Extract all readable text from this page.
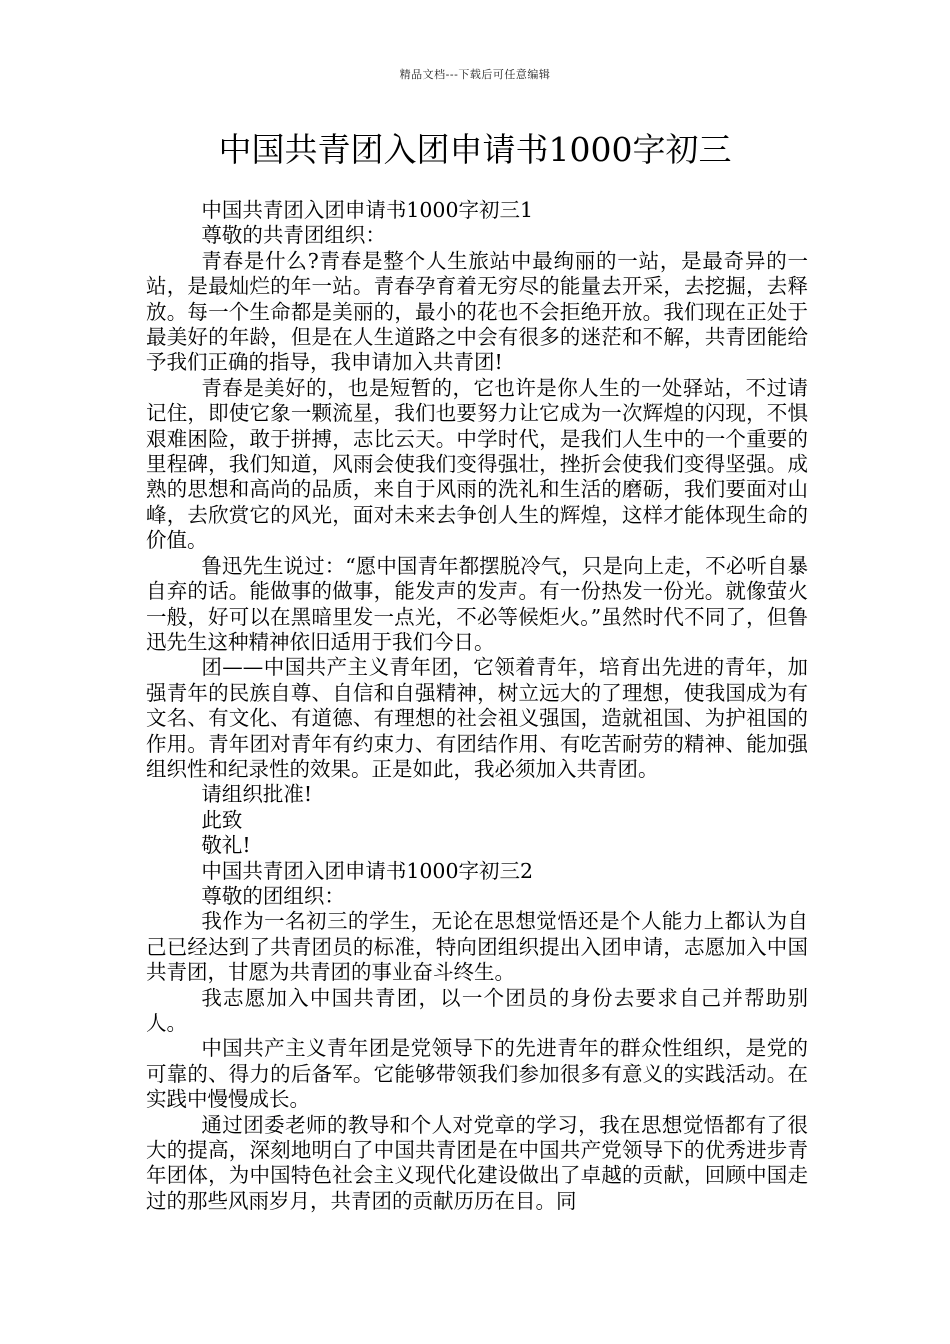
精品文档---下载后可任意编辑
中国共青团入团申请书1000字初三

中国共青团入团申请书1000字初三1

尊敬的共青团组织：

青春是什么?青春是整个人生旅站中最绚丽的一站，是最奇异的一站，是最灿烂的年一站。青春孕育着无穷尽的能量去开采，去挖掘，去释放。每一个生命都是美丽的，最小的花也不会拒绝开放。我们现在正处于最美好的年龄，但是在人生道路之中会有很多的迷茫和不解，共青团能给予我们正确的指导，我申请加入共青团!

青春是美好的，也是短暂的，它也许是你人生的一处驿站，不过请记住，即使它象一颗流星，我们也要努力让它成为一次辉煌的闪现，不惧艰难困险，敢于拼搏，志比云天。中学时代，是我们人生中的一个重要的里程碑，我们知道，风雨会使我们变得强壮，挫折会使我们变得坚强。成熟的思想和高尚的品质，来自于风雨的洗礼和生活的磨砺，我们要面对山峰，去欣赏它的风光，面对未来去争创人生的辉煌，这样才能体现生命的价值。

鲁迅先生说过：“愿中国青年都摆脱冷气，只是向上走，不必听自暴自弃的话。能做事的做事，能发声的发声。有一份热发一份光。就像萤火一般，好可以在黑暗里发一点光，不必等候炬火。”虽然时代不同了，但鲁迅先生这种精神依旧适用于我们今日。

团——中国共产主义青年团，它领着青年，培育出先进的青年，加强青年的民族自尊、自信和自强精神，树立远大的了理想，使我国成为有文名、有文化、有道德、有理想的社会祖义强国，造就祖国、为护祖国的作用。青年团对青年有约束力、有团结作用、有吃苦耐劳的精神、能加强组织性和纪录性的效果。正是如此，我必须加入共青团。

请组织批准!

此致

敬礼!

中国共青团入团申请书1000字初三2

尊敬的团组织：

我作为一名初三的学生，无论在思想觉悟还是个人能力上都认为自己已经达到了共青团员的标准，特向团组织提出入团申请，志愿加入中国共青团，甘愿为共青团的事业奋斗终生。

我志愿加入中国共青团，以一个团员的身份去要求自己并帮助别人。

中国共产主义青年团是党领导下的先进青年的群众性组织，是党的可靠的、得力的后备军。它能够带领我们参加很多有意义的实践活动。在实践中慢慢成长。

通过团委老师的教导和个人对党章的学习，我在思想觉悟都有了很大的提高，深刻地明白了中国共青团是在中国共产党领导下的优秀进步青年团体，为中国特色社会主义现代化建设做出了卓越的贡献，回顾中国走过的那些风雨岁月，共青团的贡献历历在目。同
